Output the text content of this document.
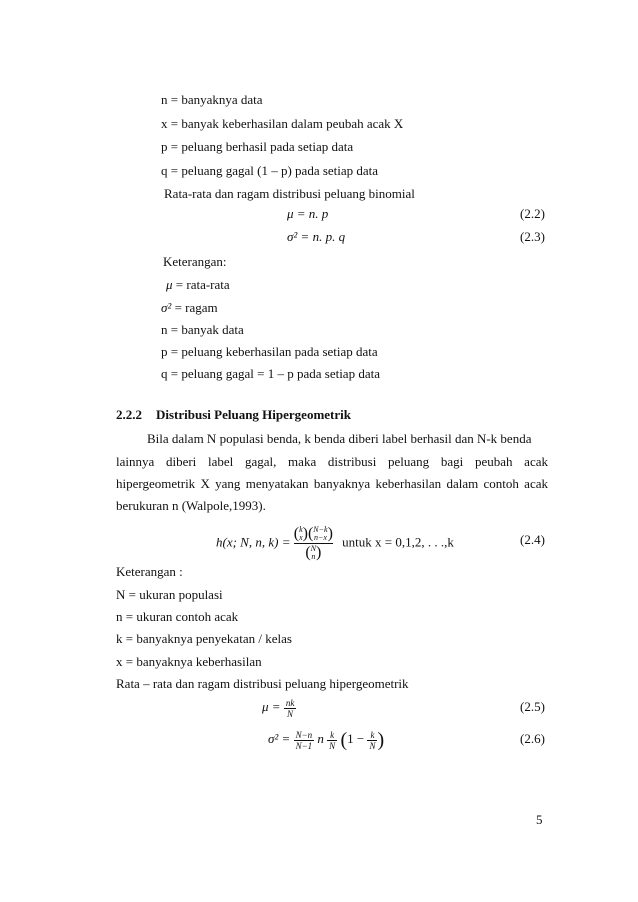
n = banyaknya data
x = banyak keberhasilan dalam peubah acak X
p = peluang berhasil pada setiap data
q = peluang gagal (1 – p) pada setiap data
Rata-rata dan ragam distribusi peluang binomial
μ = n. p	(2.2)
σ² = n. p. q	(2.3)
Keterangan:
μ = rata-rata
σ² = ragam
n = banyak data
p = peluang keberhasilan pada setiap data
q = peluang gagal = 1 – p pada setiap data
2.2.2 Distribusi Peluang Hipergeometrik
Bila dalam N populasi benda, k benda diberi label berhasil dan N-k benda
lainnya diberi label gagal, maka distribusi peluang bagi peubah acak
hipergeometrik X yang menyatakan banyaknya keberhasilan dalam contoh acak
berukuran n (Walpole,1993).
h(x; N, n, k) = ( k
x )( N−k
n−x )
( N
n ) untuk x = 0,1,2, . . .,k	(2.4)
Keterangan :
N = ukuran populasi
n = ukuran contoh acak
k = banyaknya penyekatan / kelas
x = banyaknya keberhasilan
Rata – rata dan ragam distribusi peluang hipergeometrik
$\mu = \frac{nk}{N}$	(2.5)
$\sigma^2 = \frac{N-n}{N-1}$ n $\frac{k}{N} (1 - \frac{k}{N}$ )	(2.6)
5
